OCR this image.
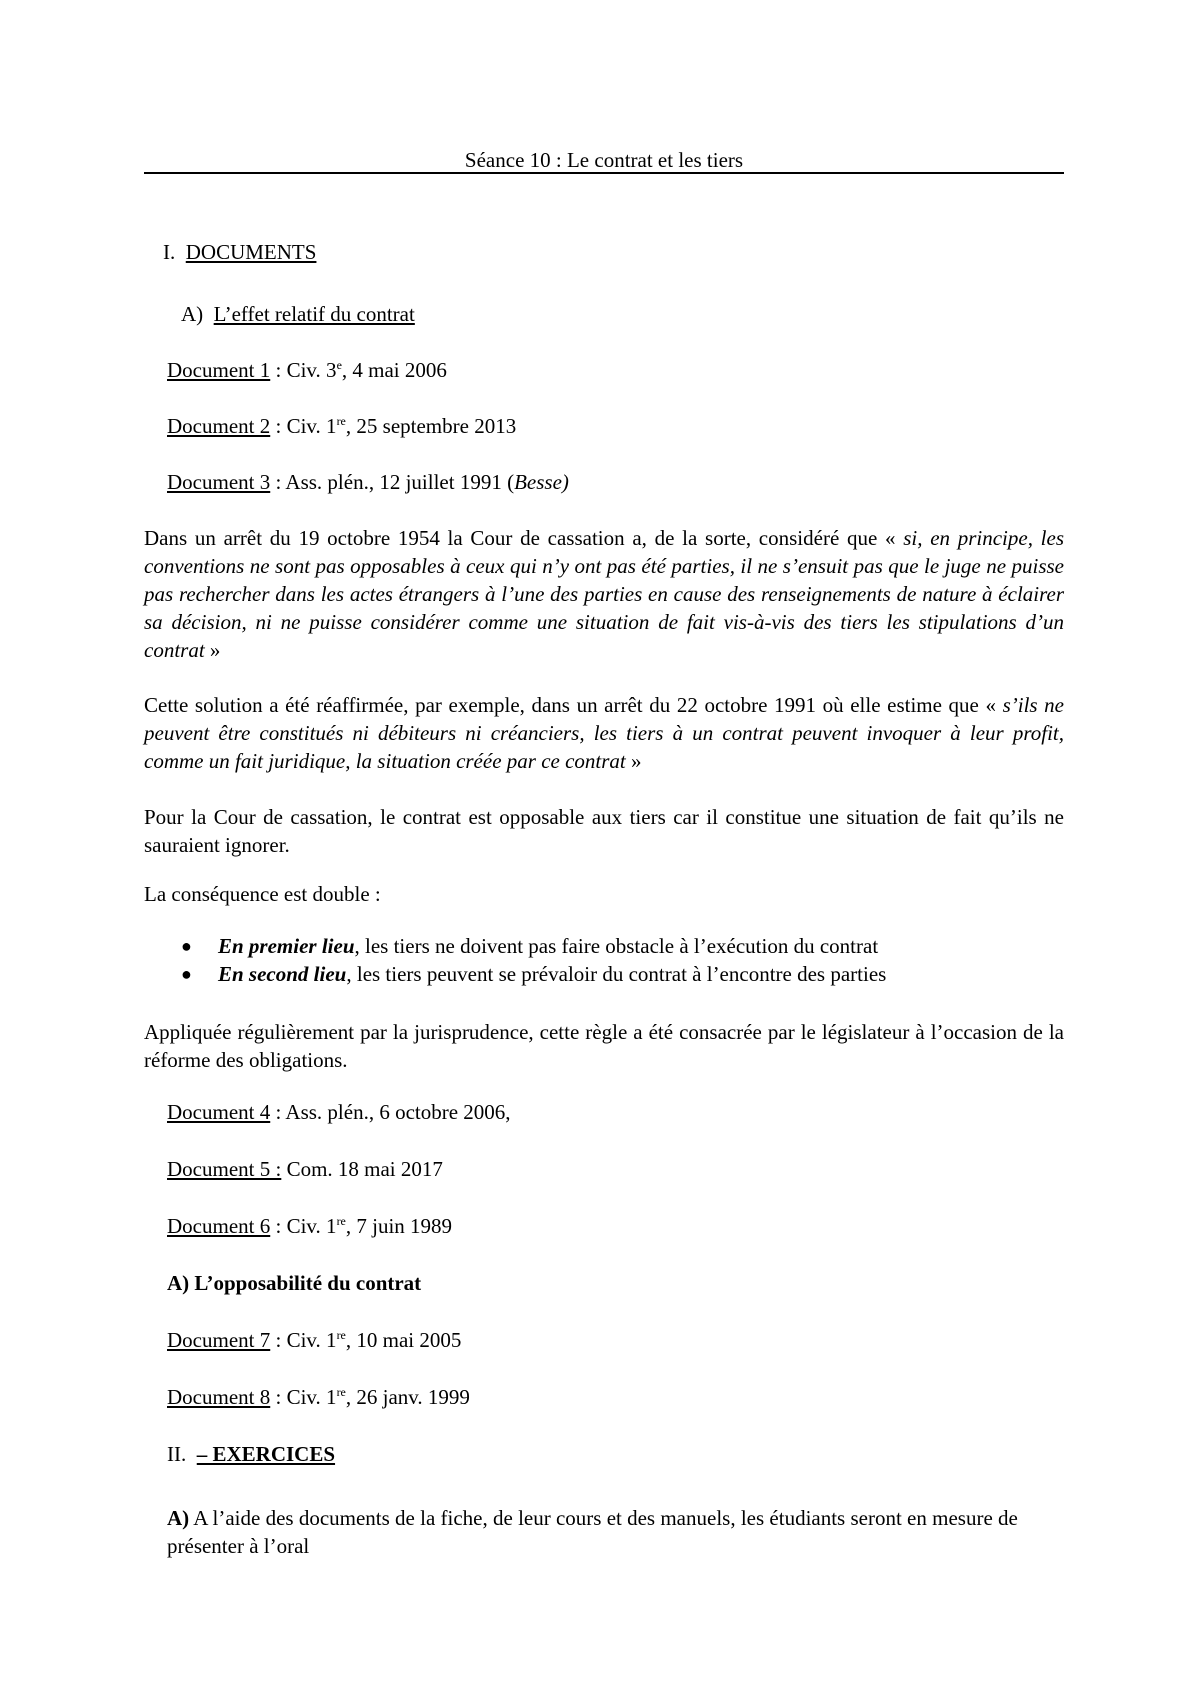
Séance 10 : Le contrat et les tiers
I. DOCUMENTS
A) L’effet relatif du contrat
Document 1 : Civ. 3e, 4 mai 2006
Document 2 : Civ. 1re, 25 septembre 2013
Document 3 : Ass. plén., 12 juillet 1991 (Besse)
Dans un arrêt du 19 octobre 1954 la Cour de cassation a, de la sorte, considéré que « si, en principe, les conventions ne sont pas opposables à ceux qui n’y ont pas été parties, il ne s’ensuit pas que le juge ne puisse pas rechercher dans les actes étrangers à l’une des parties en cause des renseignements de nature à éclairer sa décision, ni ne puisse considérer comme une situation de fait vis-à-vis des tiers les stipulations d’un contrat »
Cette solution a été réaffirmée, par exemple, dans un arrêt du 22 octobre 1991 où elle estime que « s’ils ne peuvent être constitués ni débiteurs ni créanciers, les tiers à un contrat peuvent invoquer à leur profit, comme un fait juridique, la situation créée par ce contrat »
Pour la Cour de cassation, le contrat est opposable aux tiers car il constitue une situation de fait qu’ils ne sauraient ignorer.
La conséquence est double :
● En premier lieu, les tiers ne doivent pas faire obstacle à l’exécution du contrat
● En second lieu, les tiers peuvent se prévaloir du contrat à l’encontre des parties
Appliquée régulièrement par la jurisprudence, cette règle a été consacrée par le législateur à l’occasion de la réforme des obligations.
Document 4 : Ass. plén., 6 octobre 2006,
Document 5 : Com. 18 mai 2017
Document 6 : Civ. 1re, 7 juin 1989
A) L’opposabilité du contrat
Document 7 : Civ. 1re, 10 mai 2005
Document 8 : Civ. 1re, 26 janv. 1999
II. – EXERCICES
A) A l’aide des documents de la fiche, de leur cours et des manuels, les étudiants seront en mesure de présenter à l’oral
